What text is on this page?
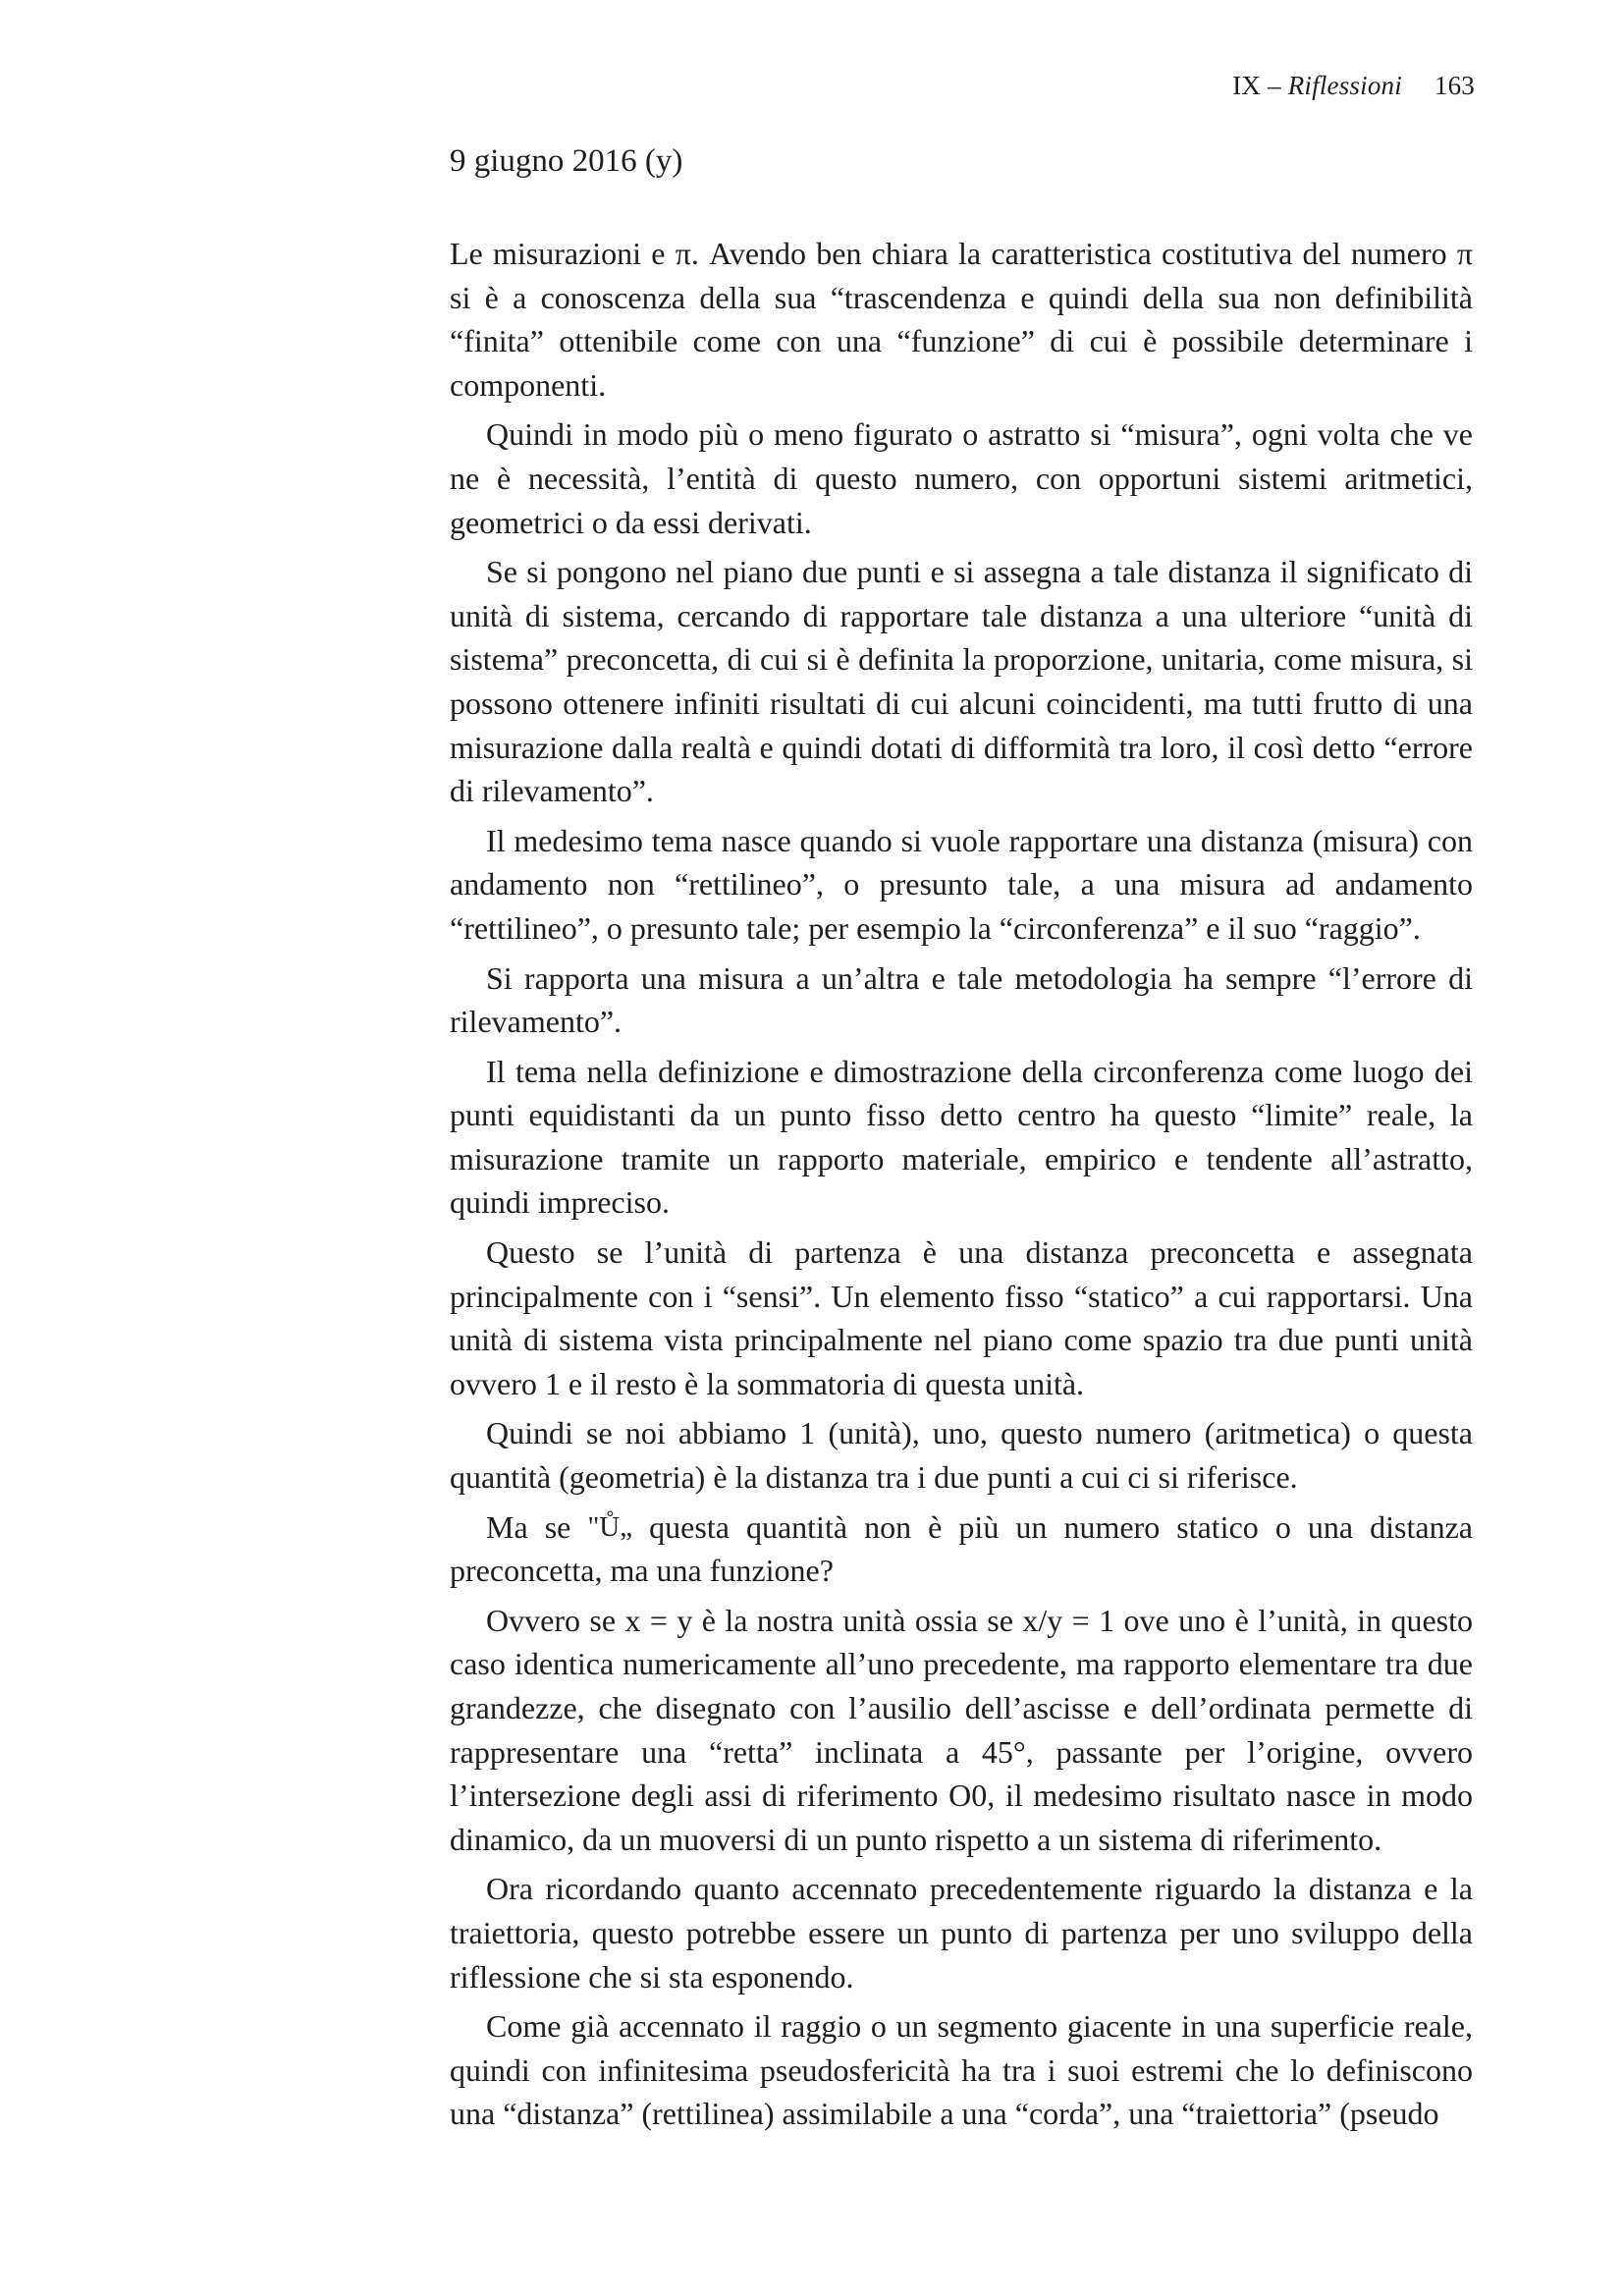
IX – Riflessioni 163
9 giugno 2016 (y)

Le misurazioni e π. Avendo ben chiara la caratteristica costitutiva del numero π si è a conoscenza della sua “trascendenza e quindi della sua non definibilità “finita” ottenibile come con una “funzione” di cui è possibile determinare i componenti.

Quindi in modo più o meno figurato o astratto si “misura”, ogni volta che ve ne è necessità, l’entità di questo numero, con opportuni sistemi aritmetici, geometrici o da essi derivati.

Se si pongono nel piano due punti e si assegna a tale distanza il significato di unità di sistema, cercando di rapportare tale distanza a una ulteriore “unità di sistema” preconcetta, di cui si è definita la proporzione, unitaria, come misura, si possono ottenere infiniti risultati di cui alcuni coincidenti, ma tutti frutto di una misurazione dalla realtà e quindi dotati di difformità tra loro, il così detto “errore di rilevamento”.

Il medesimo tema nasce quando si vuole rapportare una distanza (misura) con andamento non “rettilineo”, o presunto tale, a una misura ad andamento “rettilineo”, o presunto tale; per esempio la “circonferenza” e il suo “raggio”.

Si rapporta una misura a un’altra e tale metodologia ha sempre “l’errore di rilevamento”.

Il tema nella definizione e dimostrazione della circonferenza come luogo dei punti equidistanti da un punto fisso detto centro ha questo “limite” reale, la misurazione tramite un rapporto materiale, empirico e tendente all’astratto, quindi impreciso.

Questo se l’unità di partenza è una distanza preconcetta e assegnata principalmente con i “sensi”. Un elemento fisso “statico” a cui rapportarsi. Una unità di sistema vista principalmente nel piano come spazio tra due punti unità ovvero 1 e il resto è la sommatoria di questa unità.

Quindi se noi abbiamo 1 (unità), uno, questo numero (aritmetica) o questa quantità (geometria) è la distanza tra i due punti a cui ci si riferisce.

Ma se "Ů„ questa quantità non è più un numero statico o una distanza preconcetta, ma una funzione?

Ovvero se x = y è la nostra unità ossia se x/y = 1 ove uno è l’unità, in questo caso identica numericamente all’uno precedente, ma rapporto elementare tra due grandezze, che disegnato con l’ausilio dell’ascisse e dell’ordinata permette di rappresentare una “retta” inclinata a 45°, passante per l’origine, ovvero l’intersezione degli assi di riferimento O0, il medesimo risultato nasce in modo dinamico, da un muoversi di un punto rispetto a un sistema di riferimento.

Ora ricordando quanto accennato precedentemente riguardo la distanza e la traiettoria, questo potrebbe essere un punto di partenza per uno sviluppo della riflessione che si sta esponendo.

Come già accennato il raggio o un segmento giacente in una superficie reale, quindi con infinitesima pseudosfericità ha tra i suoi estremi che lo definiscono una “distanza” (rettilinea) assimilabile a una “corda”, una “traiettoria” (pseudo
